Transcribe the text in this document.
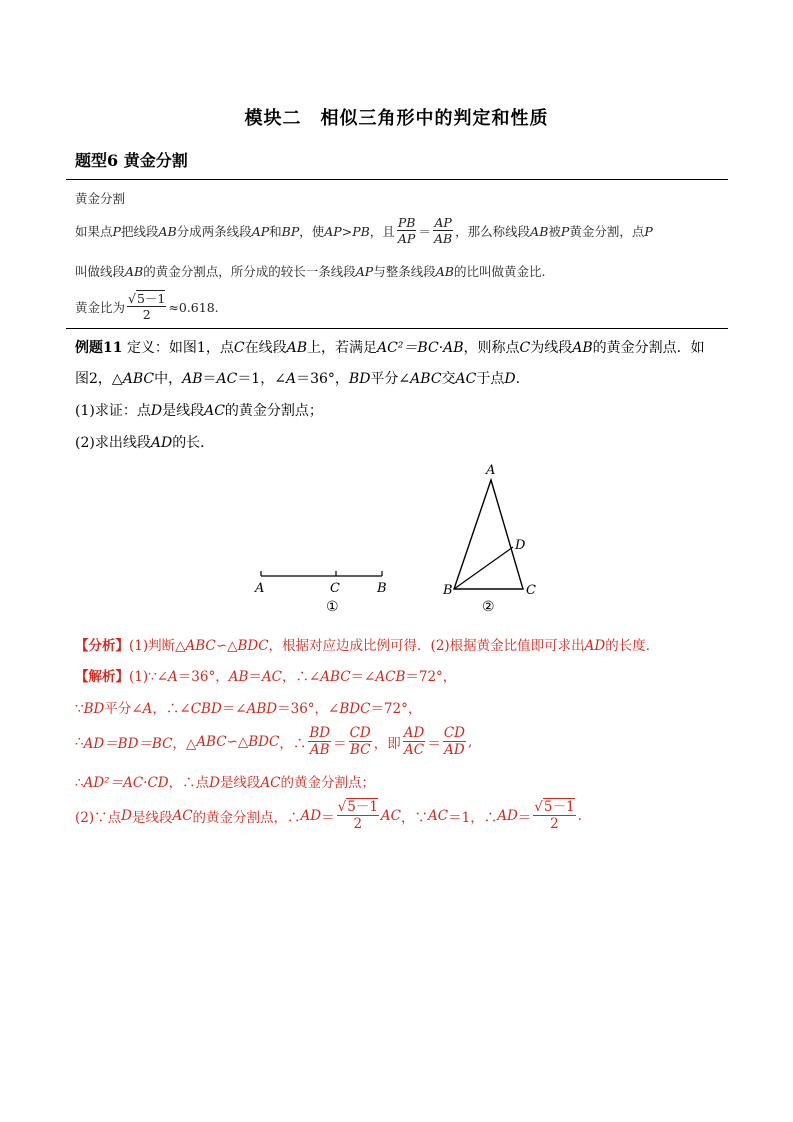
模块二　相似三角形中的判定和性质
题型6 黄金分割
黄金分割
如果点 P 把线段 AB 分成两条线段 AP 和 BP ，使 AP>PB ，且 $\frac{PB}{AP} = \frac{AP}{AB}$ ，那么称线段 AB 被 P 黄金分割，点 P
叫做线段AB的黄金分割点，所分成的较长一条线段AP与整条线段AB的比叫做黄金比.
黄金比为 $\frac{√5-1}{2} \approx 0.618$.
例题11 定义：如图1，点C在线段AB上，若满足AC²＝BC·AB，则称点C为线段AB的黄金分割点．如
图2，△ABC中，AB＝AC＝1，∠A＝36°，BD平分∠ABC交AC于点D.
(1)求证：点D是线段AC的黄金分割点；
(2)求出线段AD的长．
A	C	B
①
A
B	C
D
②
【分析】(1)判断△ABC∽△BDC，根据对应边成比例可得．(2)根据黄金比值即可求出AD的长度．
【解析】(1)∵∠A＝36°，AB＝AC，∴∠ABC＝∠ACB＝72°，
∵BD平分∠A，∴∠CBD＝∠ABD＝36°，∠BDC＝72°，
∴ AD＝BD＝BC ，△ ABC ∽△ BDC ，∴ $\frac{BD}{AB} = \frac{CD}{BC}$ ，即 $\frac{AD}{AC} = \frac{CD}{AD}$ ,
∴AD²＝AC·CD，∴点D是线段AC的黄金分割点；
(2)∵点 D 是线段 AC 的黄金分割点，∴ AD ＝ $\frac{√5-1}{2}$ AC ，∵ AC ＝1，∴ AD ＝ $\frac{√5-1}{2}$ .
